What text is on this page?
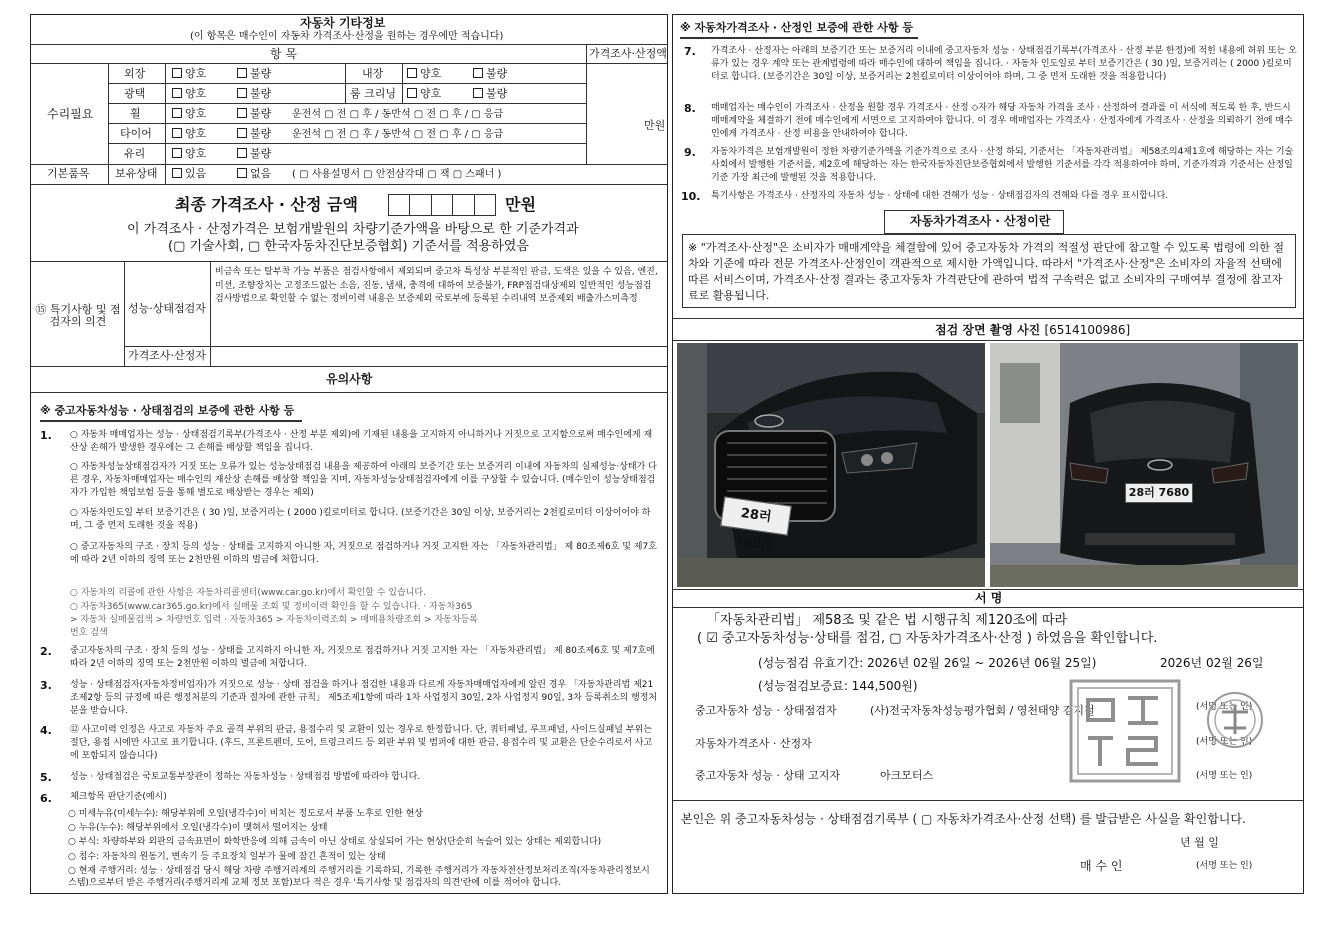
자동차 기타정보
(이 항목은 매수인이 자동차 가격조사·산정을 원하는 경우에만 적습니다)
항 목	가격조사·산정액
수리필요
만원
외장	양호	불량	내장	양호	불량
광택	양호	불량	룸 크리닝	양호	불량
휠	양호	불량 운전석 ▢ 전 ▢ 후 / 동반석 ▢ 전 ▢ 후 / ▢ 응급
타이어	양호	불량 운전석 ▢ 전 ▢ 후 / 동반석 ▢ 전 ▢ 후 / ▢ 응급
유리	양호	불량
기본품목 보유상태	있음	없음 ( ▢ 사용설명서 ▢ 안전삼각대 ▢ 잭 ▢ 스패너 )
최종 가격조사 · 산정 금액	만원
이 가격조사 · 산정가격은 보험개발원의 차량기준가액을 바탕으로 한 기준가격과
(▢ 기술사회, ▢ 한국자동차진단보증협회) 기준서를 적용하였음
⑮ 특기사항 및 점검자의 의견
성능·상태점검자
비금속 또는 탈부착 가능 부품은 점검사항에서 제외되며 중고차 특성상 부분적인 판금, 도색은 있을 수 있음, 엔진,미션, 조향장치는 고정조드없는 소음, 진동, 냄새, 충격에 대하여 보증불가, FRP점검대상제외 일반적인 성능점검 검사방법으로 확인할 수 없는 정비이력 내용은 보증제외 국토부에 등록된 수리내역 보증제외 배출가스미측정
가격조사·산정자
유의사항
※ 중고자동차성능 · 상태점검의 보증에 관한 사항 등
1. ○ 자동차 매매업자는 성능 · 상태점검기록부(가격조사 · 산정 부분 제외)에 기재된 내용을 고지하지 아니하거나 거짓으로 고지함으로써 매수인에게 재산상 손해가 발생한 경우에는 그 손해를 배상할 책임을 집니다.
○ 자동차성능상태점검자가 거짓 또는 오류가 있는 성능상태점검 내용을 제공하여 아래의 보증기간 또는 보증거리 이내에 자동차의 실제성능·상태가 다른 경우, 자동차매매업자는 매수인의 재산상 손해를 배상할 책임을 지며, 자동차성능상태점검자에게 이를 구상할 수 있습니다. (매수인이 성능상태점검자가 가입한 책임보험 등을 통해 별도로 배상받는 경우는 제외)
○ 자동차인도일 부터 보증기간은 ( 30 )일, 보증거리는 ( 2000 )킬로미터로 합니다. (보증기간은 30일 이상, 보증거리는 2천킬로미터 이상이어야 하며, 그 중 먼저 도래한 것을 적용)
○ 중고자동차의 구조 · 장치 등의 성능 · 상태를 고지하지 아니한 자, 거짓으로 점검하거나 거짓 고지한 자는 「자동차관리법」 제 80조제6호 및 제7호에 따라 2년 이하의 징역 또는 2천만원 이하의 벌금에 처합니다.
○ 자동차의 리콜에 관한 사항은 자동차리콜센터(www.car.go.kr)에서 확인할 수 있습니다.
○ 자동차365(www.car365.go.kr)에서 실매물 조회 및 정비이력 확인을 할 수 있습니다. · 자동차365 > 자동차 실매물검색 > 차량번호 입력 · 자동차365 > 자동차이력조회 > 매매용차량조회 > 자동차등록번호 검색
2. 중고자동차의 구조 · 장치 등의 성능 · 상태를 고지하지 아니한 자, 거짓으로 점검하거나 거짓 고지한 자는 「자동차관리법」 제 80조제6호 및 제7호에 따라 2년 이하의 징역 또는 2천만원 이하의 벌금에 처합니다.
3. 성능 · 상태점검자(자동차정비업자)가 거짓으로 성능 · 상태 점검을 하거나 점검한 내용과 다르게 자동차매매업자에게 알린 경우 「자동차관리법 제21조제2항 등의 규정에 따른 행정처분의 기준과 절차에 관한 규칙」 제5조제1항에 따라 1차 사업정지 30일, 2차 사업정지 90일, 3차 등록취소의 행정처분을 받습니다.
4. ⑫ 사고이력 인정은 사고로 자동차 주요 골격 부위의 판금, 용접수리 및 교환이 있는 경우로 한정합니다. 단, 쿼터패널, 루프패널, 사이드실패널 부위는 절단, 용접 시에만 사고로 표기합니다. (후드, 프론트펜더, 도어, 트렁크리드 등 외판 부위 및 범퍼에 대한 판금, 용접수리 및 교환은 단순수리로서 사고에 포함되지 않습니다)
5. 성능 · 상태점검은 국토교통부장관이 정하는 자동차성능 · 상태점검 방법에 따라야 합니다.
6. 체크항목 판단기준(예시)
○ 미세누유(미세누수): 해당부위에 오일(냉각수)이 비치는 정도로서 부품 노후로 인한 현상
○ 누유(누수): 해당부위에서 오일(냉각수)이 맺혀서 떨어지는 상태
○ 부식: 차량하부와 외판의 금속표면이 화학반응에 의해 금속이 아닌 상태로 상실되어 가는 현상(단순히 녹슬어 있는 상태는 제외합니다)
○ 침수: 자동차의 원동기, 변속기 등 주요장치 일부가 물에 잠긴 흔적이 있는 상태
○ 현재 주행거리: 성능 · 상태점검 당시 해당 차량 주행거리계의 주행거리를 기록하되, 기록한 주행거리가 자동차전산정보처리조직(자동차관리정보시스템)으로부터 받은 주행거리(주행거리계 교체 정보 포함)보다 적은 경우 '특기사항 및 점검자의 의견'란에 이를 적어야 합니다.
※ 자동차가격조사 · 산정인 보증에 관한 사항 등
7. 가격조사 · 산정자는 아래의 보증기간 또는 보증거리 이내에 중고자동차 성능 · 상태점검기록부(가격조사 · 산정 부분 한정)에 적힌 내용에 허위 또는 오류가 있는 경우 계약 또는 관계법령에 따라 매수인에 대하여 책임을 집니다. · 자동차 인도일로 부터 보증기간은 ( 30 )일, 보증거리는 ( 2000 )킬로미터로 합니다. (보증기간은 30일 이상, 보증거리는 2천킬로미터 이상이어야 하며, 그 중 먼저 도래한 것을 적용합니다)
8. 매매업자는 매수인이 가격조사 · 산정을 원할 경우 가격조사 · 산정 ◇자가 해당 자동차 가격을 조사 · 산정하여 결과를 이 서식에 적도록 한 후, 반드시 매매계약을 체결하기 전에 매수인에게 서면으로 고지하여야 합니다. 이 경우 매매업자는 가격조사 · 산정자에게 가격조사 · 산정을 의뢰하기 전에 매수인에게 가격조사 · 산정 비용을 안내하여야 합니다.
9. 자동차가격은 보험개발원이 정한 차량기준가액을 기준가격으로 조사 · 산정 하되, 기준서는 「자동차관리법」 제58조의4제1호에 해당하는 자는 기술사회에서 발행한 기준서를, 제2호에 해당하는 자는 한국자동차진단보증협회에서 발행한 기준서를 각각 적용하여야 하며, 기준가격과 기준서는 산정일 기준 가장 최근에 발행된 것을 적용합니다.
10. 특기사항은 가격조사 · 산정자의 자동차 성능 · 상태에 대한 견해가 성능 · 상태점검자의 견해와 다를 경우 표시합니다.
자동차가격조사 · 산정이란
※ "가격조사·산정"은 소비자가 매매계약을 체결함에 있어 중고자동차 가격의 적절성 판단에 참고할 수 있도록 법령에 의한 절차와 기준에 따라 전문 가격조사·산정인이 객관적으로 제시한 가액입니다. 따라서 "가격조사·산정"은 소비자의 자율적 선택에 따른 서비스이며, 가격조사·산정 결과는 중고자동차 가격판단에 관하여 법적 구속력은 없고 소비자의 구매여부 결정에 참고자료로 활용됩니다.
점검 장면 촬영 사진 [6514100986]
28러 7680
28러 7680
서 명
「자동차관리법」 제58조 및 같은 법 시행규칙 제120조에 따라
( ☑ 중고자동차성능·상태를 점검, ▢ 자동차가격조사·산정 ) 하였음을 확인합니다.
(성능점검 유효기간: 2026년 02월 26일 ~ 2026년 06월 25일)	2026년 02월 26일
(성능점검보증료: 144,500원)
중고자동차 성능 · 상태점검자	(사)전국자동차성능평가협회 / 영천태양 김지철	(서명 또는 인)
자동차가격조사 · 산정자	(서명 또는 인)
중고자동차 성능 · 상태 고지자	아크모터스	(서명 또는 인)
본인은 위 중고자동차성능 · 상태점검기록부 ( ▢ 자동차가격조사·산정 선택) 를 발급받은 사실을 확인합니다.
년 월 일
매 수 인	(서명 또는 인)
